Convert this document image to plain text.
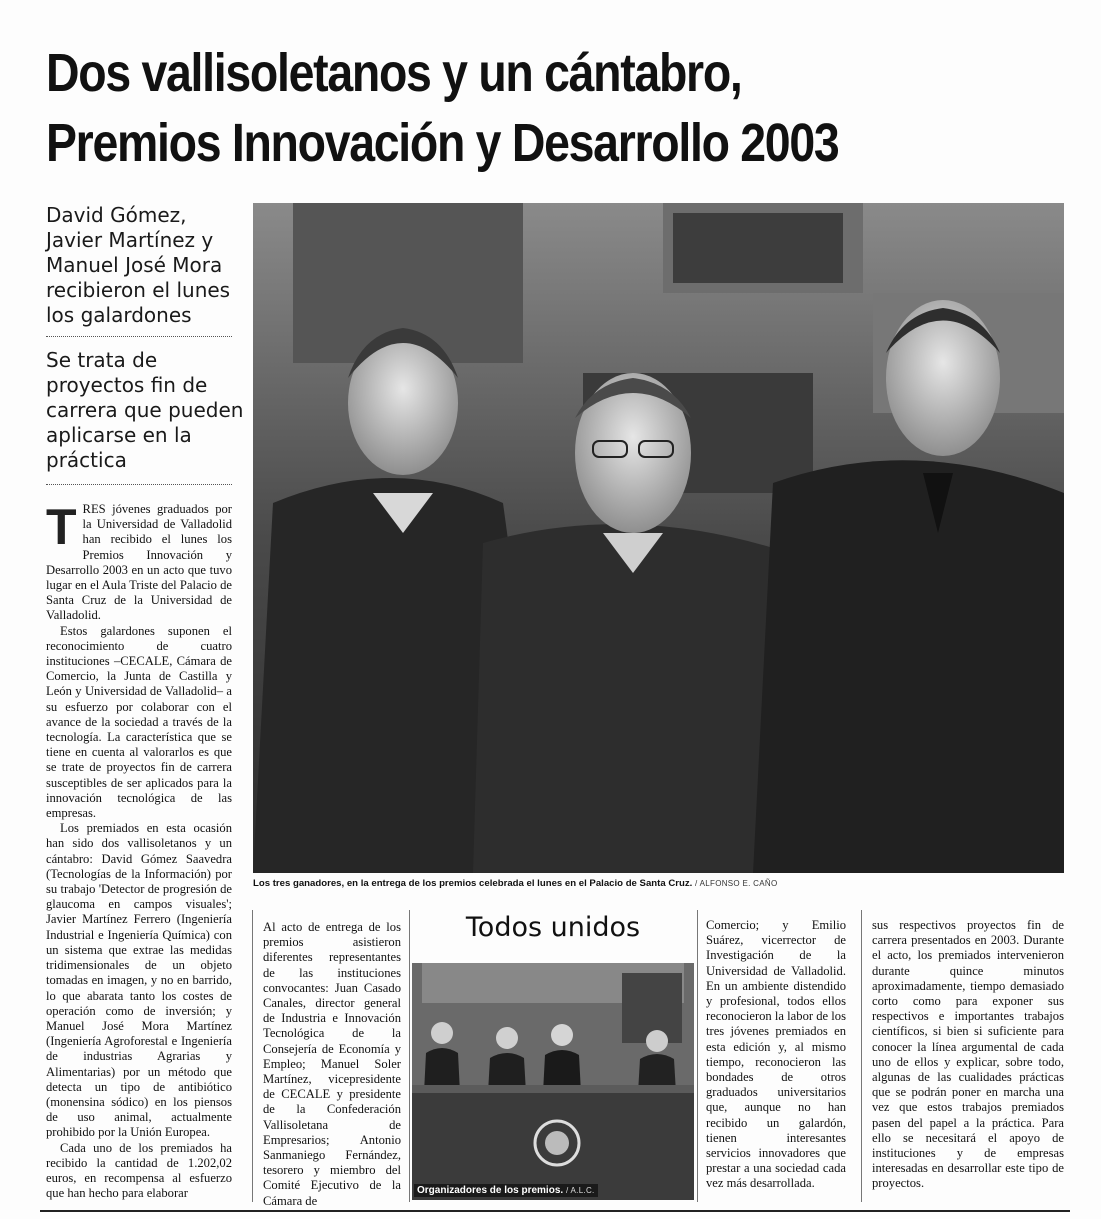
Dos vallisoletanos y un cántabro,
Premios Innovación y Desarrollo 2003
David Gómez, Javier Martínez y Manuel José Mora recibieron el lunes los galardones
Se trata de proyectos fin de carrera que pueden aplicarse en la práctica

TRES jóvenes graduados por la Universidad de Valladolid han recibido el lunes los Premios Innovación y Desarrollo 2003 en un acto que tuvo lugar en el Aula Triste del Palacio de Santa Cruz de la Universidad de Valladolid.

Estos galardones suponen el reconocimiento de cuatro instituciones –CECALE, Cámara de Comercio, la Junta de Castilla y León y Universidad de Valladolid– a su esfuerzo por colaborar con el avance de la sociedad a través de la tecnología. La característica que se tiene en cuenta al valorarlos es que se trate de proyectos fin de carrera susceptibles de ser aplicados para la innovación tecnológica de las empresas.

Los premiados en esta ocasión han sido dos vallisoletanos y un cántabro: David Gómez Saavedra (Tecnologías de la Información) por su trabajo 'Detector de progresión de glaucoma en campos visuales'; Javier Martínez Ferrero (Ingeniería Industrial e Ingeniería Química) con un sistema que extrae las medidas tridimensionales de un objeto tomadas en imagen, y no en barrido, lo que abarata tanto los costes de operación como de inversión; y Manuel José Mora Martínez (Ingeniería Agroforestal e Ingeniería de industrias Agrarias y Alimentarias) por un método que detecta un tipo de antibiótico (monensina sódico) en los piensos de uso animal, actualmente prohibido por la Unión Europea.

Cada uno de los premiados ha recibido la cantidad de 1.202,02 euros, en recompensa al esfuerzo que han hecho para elaborar

Los tres ganadores, en la entrega de los premios celebrada el lunes en el Palacio de Santa Cruz. / ALFONSO E. CAÑO
Al acto de entrega de los premios asistieron diferentes representantes de las instituciones convocantes: Juan Casado Canales, director general de Industria e Innovación Tecnológica de la Consejería de Economía y Empleo; Manuel Soler Martínez, vicepresidente de CECALE y presidente de la Confederación Vallisoletana de Empresarios; Antonio Sanmaniego Fernández, tesorero y miembro del Comité Ejecutivo de la Cámara de
Todos unidos
Organizadores de los premios. / A.L.C.
Comercio; y Emilio Suárez, vicerrector de Investigación de la Universidad de Valladolid. En un ambiente distendido y profesional, todos ellos reconocieron la labor de los tres jóvenes premiados en esta edición y, al mismo tiempo, reconocieron las bondades de otros graduados universitarios que, aunque no han recibido un galardón, tienen interesantes servicios innovadores que prestar a una sociedad cada vez más desarrollada.

sus respectivos proyectos fin de carrera presentados en 2003. Durante el acto, los premiados intervenieron durante quince minutos aproximadamente, tiempo demasiado corto como para exponer sus respectivos e importantes trabajos científicos, si bien si suficiente para conocer la línea argumental de cada uno de ellos y explicar, sobre todo, algunas de las cualidades prácticas que se podrán poner en marcha una vez que estos trabajos premiados pasen del papel a la práctica. Para ello se necesitará el apoyo de instituciones y de empresas interesadas en desarrollar este tipo de proyectos.
